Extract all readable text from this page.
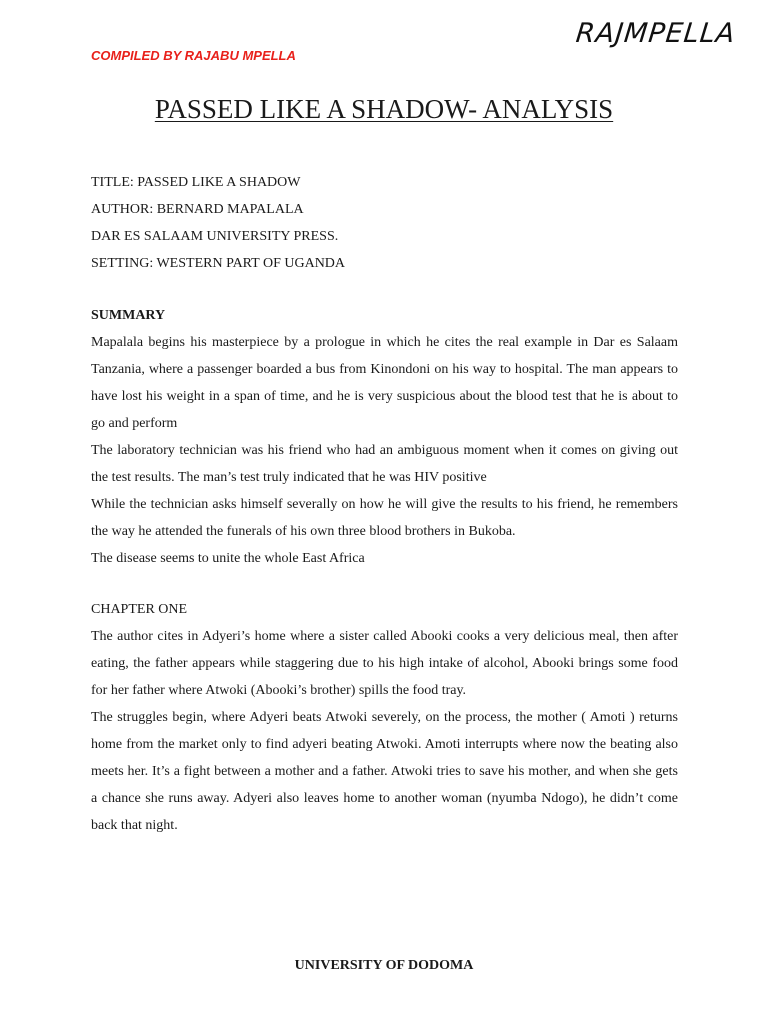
RAJMPELLA
COMPILED BY RAJABU MPELLA
PASSED LIKE A SHADOW- ANALYSIS
TITLE: PASSED LIKE A SHADOW
AUTHOR: BERNARD MAPALALA
DAR ES SALAAM UNIVERSITY PRESS.
SETTING: WESTERN PART OF UGANDA
SUMMARY

Mapalala begins his masterpiece by a prologue in which he cites the real example in Dar es Salaam Tanzania, where a passenger boarded a bus from Kinondoni on his way to hospital. The man appears to have lost his weight in a span of time, and he is very suspicious about the blood test that he is about to go and perform

The laboratory technician was his friend who had an ambiguous moment when it comes on giving out the test results. The man’s test truly indicated that he was HIV positive

While the technician asks himself severally on how he will give the results to his friend, he remembers the way he attended the funerals of his own three blood brothers in Bukoba.

The disease seems to unite the whole East Africa

CHAPTER ONE

The author cites in Adyeri’s home where a sister called Abooki cooks a very delicious meal, then after eating, the father appears while staggering due to his high intake of alcohol, Abooki brings some food for her father where Atwoki (Abooki’s brother) spills the food tray.

The struggles begin, where Adyeri beats Atwoki severely, on the process, the mother ( Amoti ) returns home from the market only to find adyeri beating Atwoki. Amoti interrupts where now the beating also meets her. It’s a fight between a mother and a father. Atwoki tries to save his mother, and when she gets a chance she runs away. Adyeri also leaves home to another woman (nyumba Ndogo), he didn’t come back that night.

UNIVERSITY OF DODOMA
